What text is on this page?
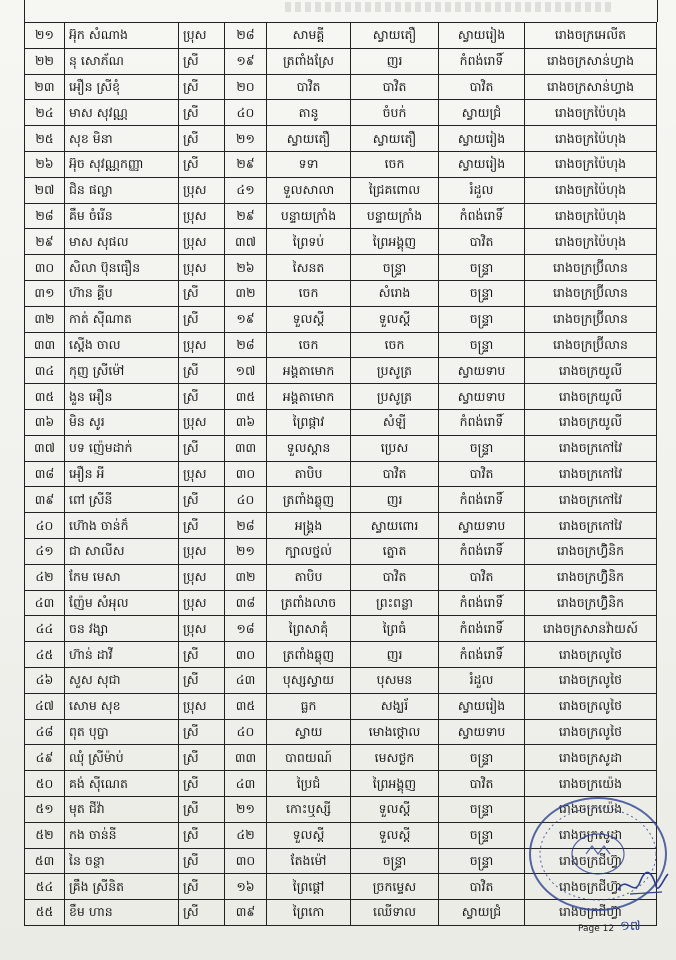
២១	អ៊ុក សំណាង	ប្រុស	២៨	សាមគ្គី	ស្វាយតឿ	ស្វាយរៀង	រោងចក្រអេលីត
២២	នុ សោភ័ណ	ស្រី	១៩	ត្រពាំងស្រែ	ញរ	កំពង់រោទិ៍	រោងចក្រសាន់ហ្វាង
២៣	អឿន ស្រីខុំ	ស្រី	២០	បាវិត	បាវិត	បាវិត	រោងចក្រសាន់ហ្វាង
២៤	មាស សុវណ្ណ	ស្រី	៤០	តានូ	ចំបក់	ស្វាយជ្រំ	រោងចក្រប៉ៃហុង
២៥	សុខ មិនា	ស្រី	២១	ស្វាយតឿ	ស្វាយតឿ	ស្វាយរៀង	រោងចក្រប៉ៃហុង
២៦	អ៊ុច សុវណ្ណកញ្ញា	ស្រី	២៩	ទទា	ចេក	ស្វាយរៀង	រោងចក្រប៉ៃហុង
២៧	ជិន ផល្លា	ប្រុស	៤១	ទួលសាលា	ជ្រៃគពោល	រំដួល	រោងចក្រប៉ៃហុង
២៨	គឹម ចំរើន	ប្រុស	២៩	បន្ទាយក្រាំង	បន្ទាយក្រាំង	កំពង់រោទិ៍	រោងចក្រប៉ៃហុង
២៩	មាស សុផល	ប្រុស	៣៧	ព្រៃទប់	ព្រៃអង្គុញ	បាវិត	រោងចក្រប៉ៃហុង
៣០	សិលា ប៊ុនធឿន	ប្រុស	២៦	សៃនត	ចន្ទ្រា	ចន្ទ្រា	រោងចក្រប៊្រីលាន
៣១	ហ៊ាន គ្គីប	ស្រី	៣២	ចេក	សំរោង	ចន្ទ្រា	រោងចក្រប៊្រីលាន
៣២	កាត់ ស៊ីណាត	ស្រី	១៩	ទួលស្តី	ទួលស្តី	ចន្ទ្រា	រោងចក្រប៊្រីលាន
៣៣	ស្តើង ចាល	ប្រុស	២៨	ចេក	ចេក	ចន្ទ្រា	រោងចក្រប៊្រីលាន
៣៤	កុញ ស្រីម៉ៅ	ស្រី	១៧	អង្គតាមោក	ប្រសូត្រ	ស្វាយទាប	រោងចក្រយូលី
៣៥	ងួន អឿន	ស្រី	៣៥	អង្គតាមោក	ប្រសូត្រ	ស្វាយទាប	រោងចក្រយូលី
៣៦	មិន សូរ	ប្រុស	៣៦	ព្រៃផ្កាវ	សំឡី	កំពង់រោទិ៍	រោងចក្រយូលី
៣៧	បទ ញ៉េមដាក់	ស្រី	៣៣	ទួលស្តាន	ប្រេស	ចន្ទ្រា	រោងចក្រកៅវៃ
៣៨	អឿន អី	ប្រុស	៣០	តាបិប	បាវិត	បាវិត	រោងចក្រកៅវៃ
៣៩	ពៅ ស្រីនី	ស្រី	៤០	ត្រពាំងឆ្លុញ	ញរ	កំពង់រោទិ៍	រោងចក្រកៅវៃ
៤០	ហ៊ោង ចាន់ក៏	ស្រី	២៨	អង្គ្រង	ស្វាយពោរ	ស្វាយទាប	រោងចក្រកៅវៃ
៤១	ជា សាលីស	ប្រុស	២១	ក្បាលថ្នល់	ត្នោត	កំពង់រោទិ៍	រោងចក្រហ៊្វិនិក
៤២	កែម មេសា	ប្រុស	៣២	តាបិប	បាវិត	បាវិត	រោងចក្រហ៊្វិនិក
៤៣	ញ៉ែម សំអុល	ប្រុស	៣៨	ត្រពាំងលាច	ព្រះពន្លា	កំពង់រោទិ៍	រោងចក្រហ៊្វិនិក
៤៤	ចន វង្សា	ប្រុស	១៨	ព្រៃសាគុំ	ព្រៃធំ	កំពង់រោទិ៍	រោងចក្រសានវ៉ាយស៍
៤៥	ហ៊ាន់ ដាវី	ស្រី	៣០	ត្រពាំងឆ្លុញ	ញរ	កំពង់រោទិ៍	រោងចក្រលូថៃ
៤៦	សួស សុជា	ស្រី	៤៣	បុស្សស្វាយ	បុសមន	រំដួល	រោងចក្រលូថៃ
៤៧	សោម សុខ	ប្រុស	៣៥	ធ្លក	សង្ឃរ័	ស្វាយរៀង	រោងចក្រលូថៃ
៤៨	ពុត បុប្ផា	ស្រី	៤០	ស្វាយ	មោងថ្កោល	ស្វាយទាប	រោងចក្រលូថៃ
៤៩	ឈុំ ស្រីម៉ាប់	ស្រី	៣៣	បាពយណ៍	មេសថ្ងក	ចន្ទ្រា	រោងចក្រសូដា
៥០	គង់ ស៊ីណេត	ស្រី	៤៣	ប្រៃជំ	ព្រៃអង្គុញ	បាវិត	រោងចក្រយ៉េង
៥១	មុត ជីវ៉ា	ស្រី	២១	កោះឬស្សី	ទួលស្តី	ចន្ទ្រា	រោងចក្រយ៉េង
៥២	កង ចាន់នី	ស្រី	៤២	ទួលស្តី	ទួលស្តី	ចន្ទ្រា	រោងចក្រសូដា
៥៣	នៃ ចន្ថា	ស្រី	៣០	តែងម៉ៅ	ចន្ទ្រា	ចន្ទ្រា	រោងចក្រជីហ៊្វា
៥៤	គ្រឹង ស្រីនិត	ស្រី	១៦	ព្រៃផ្ដៅ	ច្រកម្ទេស	បាវិត	រោងចក្រជីហ៊្វា
៥៥	ខឹម ហាន	ស្រី	៣៩	ព្រៃកោ	ឈើទាល	ស្វាយជ្រំ	រោងចក្រជីហ៊្វា
Page 12 ១៧
